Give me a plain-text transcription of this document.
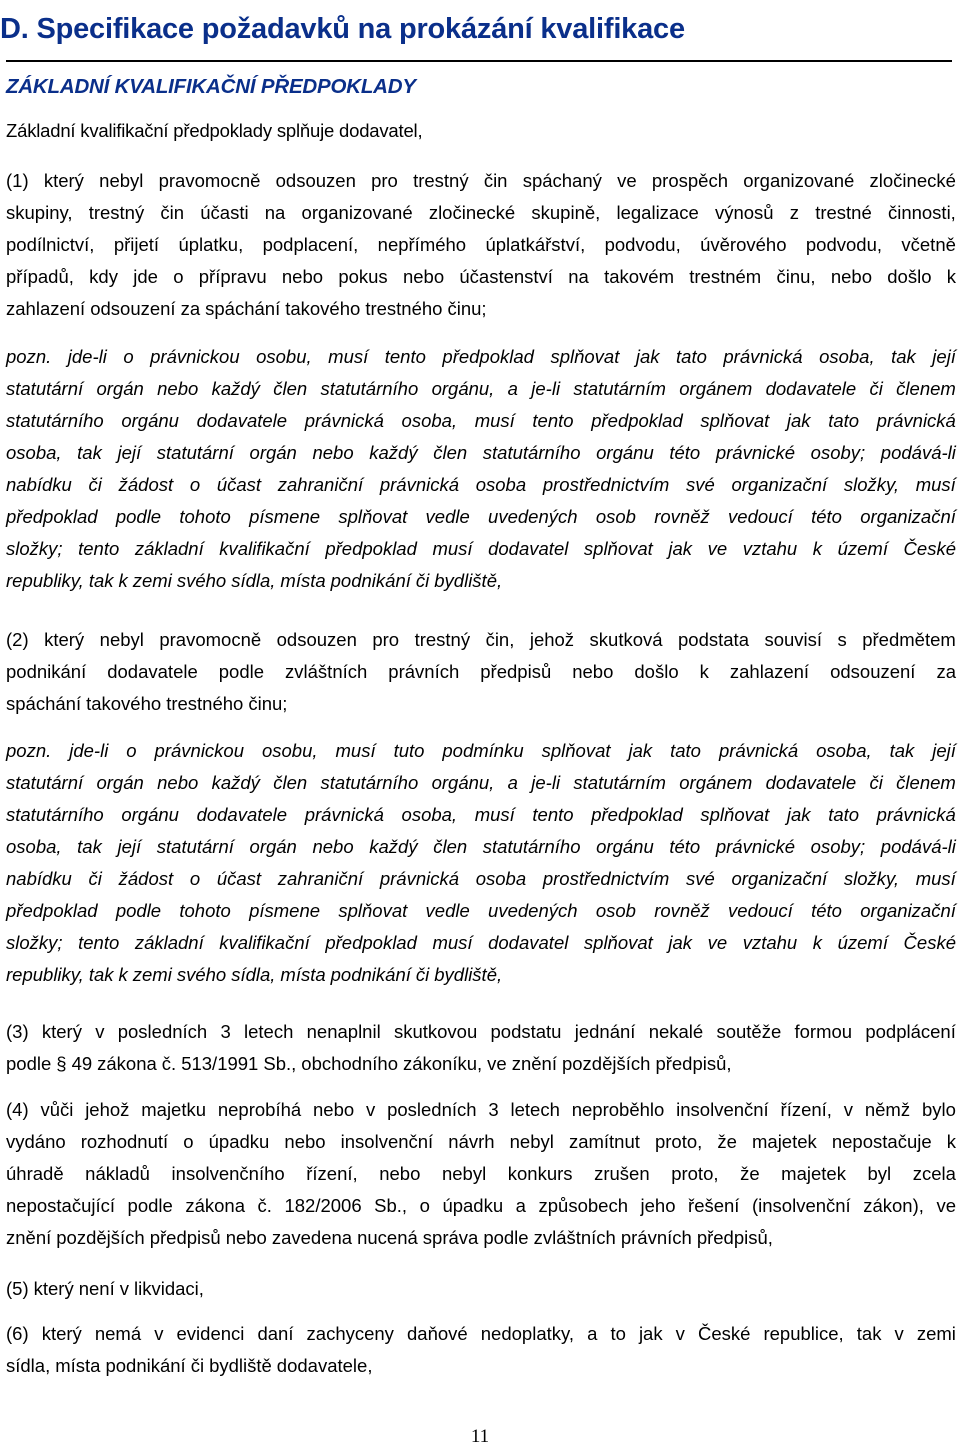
D. Specifikace požadavků na prokázání kvalifikace
ZÁKLADNÍ KVALIFIKAČNÍ PŘEDPOKLADY
Základní kvalifikační předpoklady splňuje dodavatel,
(1) který nebyl pravomocně odsouzen pro trestný čin spáchaný ve prospěch organizované zločinecké
skupiny, trestný čin účasti na organizované zločinecké skupině, legalizace výnosů z trestné činnosti,
podílnictví, přijetí úplatku, podplacení, nepřímého úplatkářství, podvodu, úvěrového podvodu, včetně
případů, kdy jde o přípravu nebo pokus nebo účastenství na takovém trestném činu, nebo došlo k
zahlazení odsouzení za spáchání takového trestného činu;
pozn. jde-li o právnickou osobu, musí tento předpoklad splňovat jak tato právnická osoba, tak její
statutární orgán nebo každý člen statutárního orgánu, a je-li statutárním orgánem dodavatele či členem
statutárního orgánu dodavatele právnická osoba, musí tento předpoklad splňovat jak tato právnická
osoba, tak její statutární orgán nebo každý člen statutárního orgánu této právnické osoby; podává-li
nabídku či žádost o účast zahraniční právnická osoba prostřednictvím své organizační složky, musí
předpoklad podle tohoto písmene splňovat vedle uvedených osob rovněž vedoucí této organizační
složky; tento základní kvalifikační předpoklad musí dodavatel splňovat jak ve vztahu k území České
republiky, tak k zemi svého sídla, místa podnikání či bydliště,
(2) který nebyl pravomocně odsouzen pro trestný čin, jehož skutková podstata souvisí s předmětem
podnikání dodavatele podle zvláštních právních předpisů nebo došlo k zahlazení odsouzení za
spáchání takového trestného činu;
pozn. jde-li o právnickou osobu, musí tuto podmínku splňovat jak tato právnická osoba, tak její
statutární orgán nebo každý člen statutárního orgánu, a je-li statutárním orgánem dodavatele či členem
statutárního orgánu dodavatele právnická osoba, musí tento předpoklad splňovat jak tato právnická
osoba, tak její statutární orgán nebo každý člen statutárního orgánu této právnické osoby; podává-li
nabídku či žádost o účast zahraniční právnická osoba prostřednictvím své organizační složky, musí
předpoklad podle tohoto písmene splňovat vedle uvedených osob rovněž vedoucí této organizační
složky; tento základní kvalifikační předpoklad musí dodavatel splňovat jak ve vztahu k území České
republiky, tak k zemi svého sídla, místa podnikání či bydliště,
(3) který v posledních 3 letech nenaplnil skutkovou podstatu jednání nekalé soutěže formou podplácení
podle § 49 zákona č. 513/1991 Sb., obchodního zákoníku, ve znění pozdějších předpisů,
(4) vůči jehož majetku neprobíhá nebo v posledních 3 letech neproběhlo insolvenční řízení, v němž bylo
vydáno rozhodnutí o úpadku nebo insolvenční návrh nebyl zamítnut proto, že majetek nepostačuje k
úhradě nákladů insolvenčního řízení, nebo nebyl konkurs zrušen proto, že majetek byl zcela
nepostačující podle zákona č. 182/2006 Sb., o úpadku a způsobech jeho řešení (insolvenční zákon), ve
znění pozdějších předpisů nebo zavedena nucená správa podle zvláštních právních předpisů,
(5) který není v likvidaci,
(6) který nemá v evidenci daní zachyceny daňové nedoplatky, a to jak v České republice, tak v zemi
sídla, místa podnikání či bydliště dodavatele,
11
